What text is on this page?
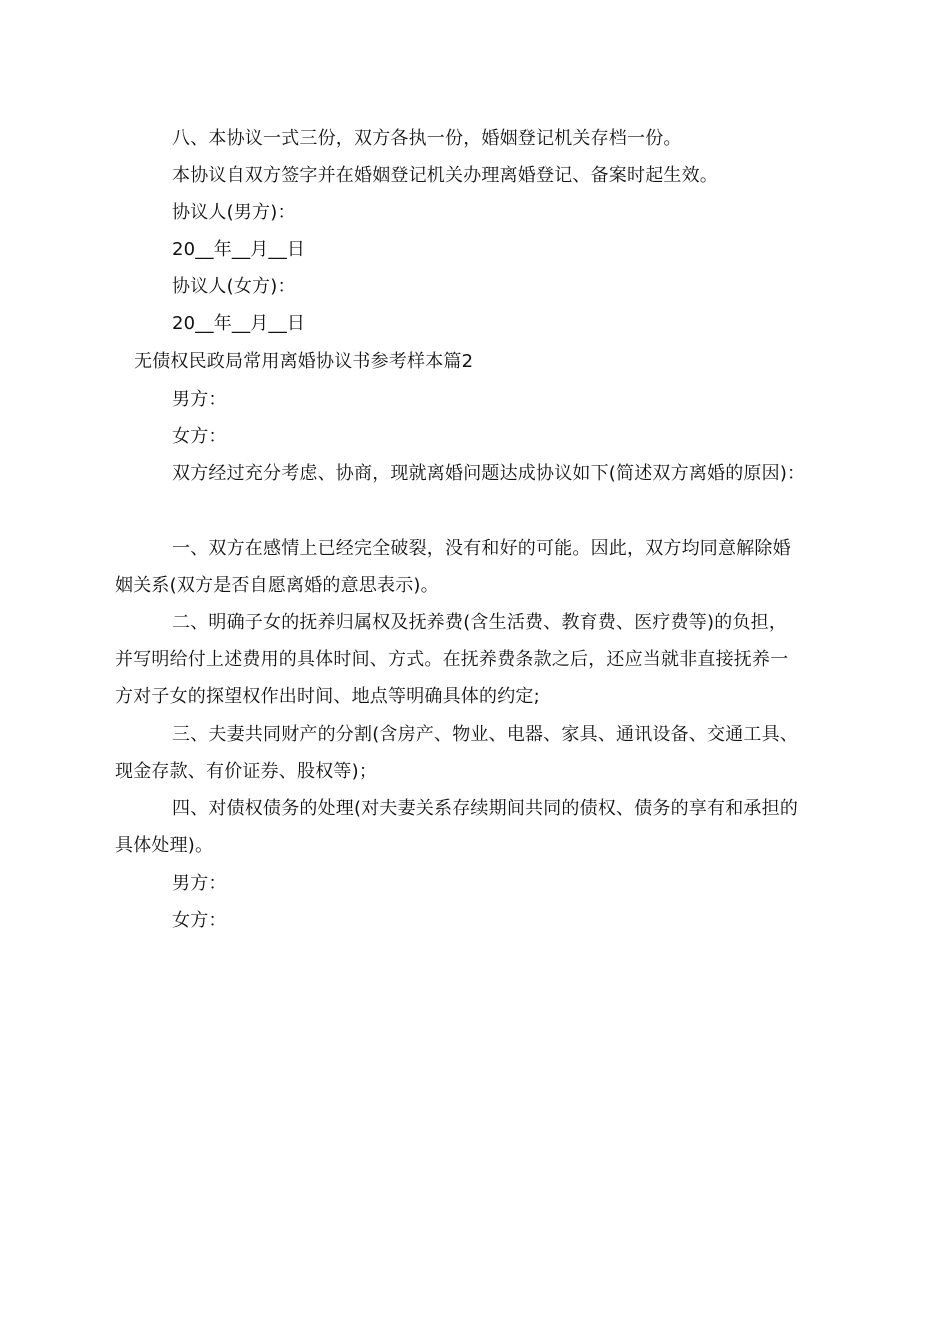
八、本协议一式三份，双方各执一份，婚姻登记机关存档一份。
本协议自双方签字并在婚姻登记机关办理离婚登记、备案时起生效。
协议人(男方)：
20__年__月__日
协议人(女方)：
20__年__月__日
无债权民政局常用离婚协议书参考样本篇2
男方：
女方：
双方经过充分考虑、协商，现就离婚问题达成协议如下(简述双方离婚的原因)：
一、双方在感情上已经完全破裂，没有和好的可能。因此，双方均同意解除婚
姻关系(双方是否自愿离婚的意思表示)。
二、明确子女的抚养归属权及抚养费(含生活费、教育费、医疗费等)的负担，
并写明给付上述费用的具体时间、方式。在抚养费条款之后，还应当就非直接抚养一
方对子女的探望权作出时间、地点等明确具体的约定;
三、夫妻共同财产的分割(含房产、物业、电器、家具、通讯设备、交通工具、
现金存款、有价证券、股权等)；
四、对债权债务的处理(对夫妻关系存续期间共同的债权、债务的享有和承担的
具体处理)。
男方：
女方：
